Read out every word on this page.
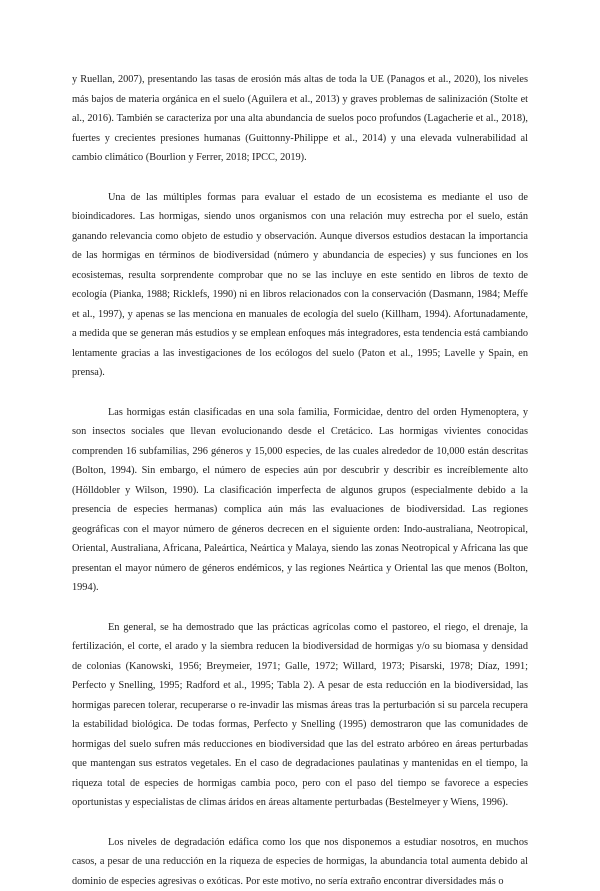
y Ruellan, 2007), presentando las tasas de erosión más altas de toda la UE (Panagos et al., 2020), los niveles más bajos de materia orgánica en el suelo (Aguilera et al., 2013) y graves problemas de salinización (Stolte et al., 2016). También se caracteriza por una alta abundancia de suelos poco profundos (Lagacherie et al., 2018), fuertes y crecientes presiones humanas (Guittonny-Philippe et al., 2014) y una elevada vulnerabilidad al cambio climático (Bourlion y Ferrer, 2018; IPCC, 2019).

Una de las múltiples formas para evaluar el estado de un ecosistema es mediante el uso de bioindicadores. Las hormigas, siendo unos organismos con una relación muy estrecha por el suelo, están ganando relevancia como objeto de estudio y observación. Aunque diversos estudios destacan la importancia de las hormigas en términos de biodiversidad (número y abundancia de especies) y sus funciones en los ecosistemas, resulta sorprendente comprobar que no se las incluye en este sentido en libros de texto de ecología (Pianka, 1988; Ricklefs, 1990) ni en libros relacionados con la conservación (Dasmann, 1984; Meffe et al., 1997), y apenas se las menciona en manuales de ecología del suelo (Killham, 1994). Afortunadamente, a medida que se generan más estudios y se emplean enfoques más integradores, esta tendencia está cambiando lentamente gracias a las investigaciones de los ecólogos del suelo (Paton et al., 1995; Lavelle y Spain, en prensa).

Las hormigas están clasificadas en una sola familia, Formicidae, dentro del orden Hymenoptera, y son insectos sociales que llevan evolucionando desde el Cretácico. Las hormigas vivientes conocidas comprenden 16 subfamilias, 296 géneros y 15,000 especies, de las cuales alrededor de 10,000 están descritas (Bolton, 1994). Sin embargo, el número de especies aún por descubrir y describir es increíblemente alto (Hölldobler y Wilson, 1990). La clasificación imperfecta de algunos grupos (especialmente debido a la presencia de especies hermanas) complica aún más las evaluaciones de biodiversidad. Las regiones geográficas con el mayor número de géneros decrecen en el siguiente orden: Indo-australiana, Neotropical, Oriental, Australiana, Africana, Paleártica, Neártica y Malaya, siendo las zonas Neotropical y Africana las que presentan el mayor número de géneros endémicos, y las regiones Neártica y Oriental las que menos (Bolton, 1994).

En general, se ha demostrado que las prácticas agrícolas como el pastoreo, el riego, el drenaje, la fertilización, el corte, el arado y la siembra reducen la biodiversidad de hormigas y/o su biomasa y densidad de colonias (Kanowski, 1956; Breymeier, 1971; Galle, 1972; Willard, 1973; Pisarski, 1978; Díaz, 1991; Perfecto y Snelling, 1995; Radford et al., 1995; Tabla 2). A pesar de esta reducción en la biodiversidad, las hormigas parecen tolerar, recuperarse o re-invadir las mismas áreas tras la perturbación si su parcela recupera la estabilidad biológica. De todas formas, Perfecto y Snelling (1995) demostraron que las comunidades de hormigas del suelo sufren más reducciones en biodiversidad que las del estrato arbóreo en áreas perturbadas que mantengan sus estratos vegetales. En el caso de degradaciones paulatinas y mantenidas en el tiempo, la riqueza total de especies de hormigas cambia poco, pero con el paso del tiempo se favorece a especies oportunistas y especialistas de climas áridos en áreas altamente perturbadas (Bestelmeyer y Wiens, 1996).

Los niveles de degradación edáfica como los que nos disponemos a estudiar nosotros, en muchos casos, a pesar de una reducción en la riqueza de especies de hormigas, la abundancia total aumenta debido al dominio de especies agresivas o exóticas. Por este motivo, no sería extraño encontrar diversidades más o
